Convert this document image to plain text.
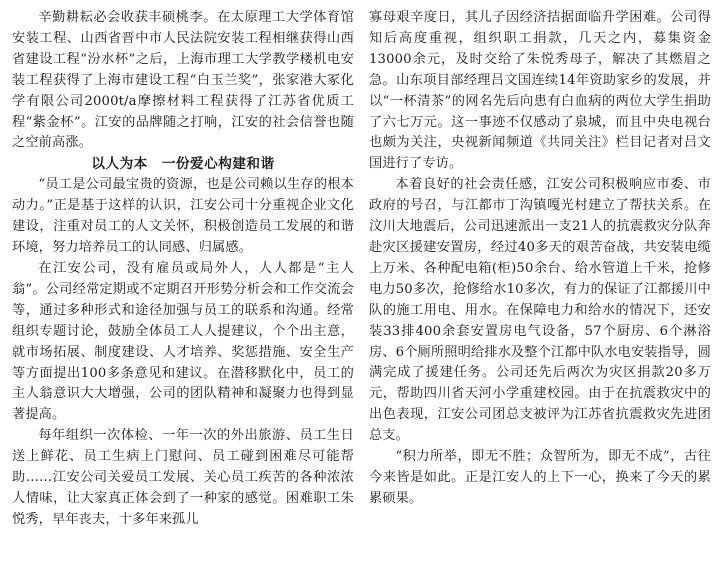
辛勤耕耘必会收获丰硕桃李。在太原理工大学体育馆安装工程、山西省晋中市人民法院安装工程相继获得山西省建设工程“汾水杯”之后，上海市理工大学教学楼机电安装工程获得了上海市建设工程“白玉兰奖”，张家港大冢化学有限公司2000t/a摩擦材料工程获得了江苏省优质工程“紫金杯”。江安的品牌随之打响，江安的社会信誉也随之空前高涨。

以人为本　一份爱心构建和谐

“员工是公司最宝贵的资源，也是公司赖以生存的根本动力。”正是基于这样的认识，江安公司十分重视企业文化建设，注重对员工的人文关怀，积极创造员工发展的和谐环境，努力培养员工的认同感、归属感。

在江安公司，没有雇员或局外人，人人都是“主人翁”。公司经常定期或不定期召开形势分析会和工作交流会等，通过多种形式和途径加强与员工的联系和沟通。经常组织专题讨论，鼓励全体员工人人提建议，个个出主意，就市场拓展、制度建设、人才培养、奖惩措施、安全生产等方面提出100多条意见和建议。在潜移默化中，员工的主人翁意识大大增强，公司的团队精神和凝聚力也得到显著提高。

每年组织一次体检、一年一次的外出旅游、员工生日送上鲜花、员工生病上门慰问、员工碰到困难尽可能帮助……江安公司关爱员工发展、关心员工疾苦的各种浓浓人情味，让大家真正体会到了一种家的感觉。困难职工朱悦秀，早年丧夫，十多年来孤儿

寡母艰辛度日，其儿子因经济拮据面临升学困难。公司得知后高度重视，组织职工捐款，几天之内，募集资金13000余元，及时交给了朱悦秀母子，解决了其燃眉之急。山东项目部经理吕文国连续14年资助家乡的发展，并以“一杯清茶”的网名先后向患有白血病的两位大学生捐助了六七万元。这一事迹不仅感动了泉城，而且中央电视台也颇为关注，央视新闻频道《共同关注》栏目记者对吕文国进行了专访。

本着良好的社会责任感，江安公司积极响应市委、市政府的号召，与江都市丁沟镇嘎光村建立了帮扶关系。在汶川大地震后，公司迅速派出一支21人的抗震救灾分队奔赴灾区援建安置房，经过40多天的艰苦奋战，共安装电缆上万米、各种配电箱(柜)50余台、给水管道上千米，抢修电力50多次，抢修给水10多次，有力的保证了江都援川中队的施工用电、用水。在保障电力和给水的情况下，还安装33排400余套安置房电气设备，57个厨房、6个淋浴房、6个厕所照明给排水及整个江都中队水电安装指导，圆满完成了援建任务。公司还先后两次为灾区捐款20多万元，帮助四川省天河小学重建校园。由于在抗震救灾中的出色表现，江安公司团总支被评为江苏省抗震救灾先进团总支。

“积力所举，即无不胜；众智所为，即无不成”，古往今来皆是如此。正是江安人的上下一心，换来了今天的累累硕果。
